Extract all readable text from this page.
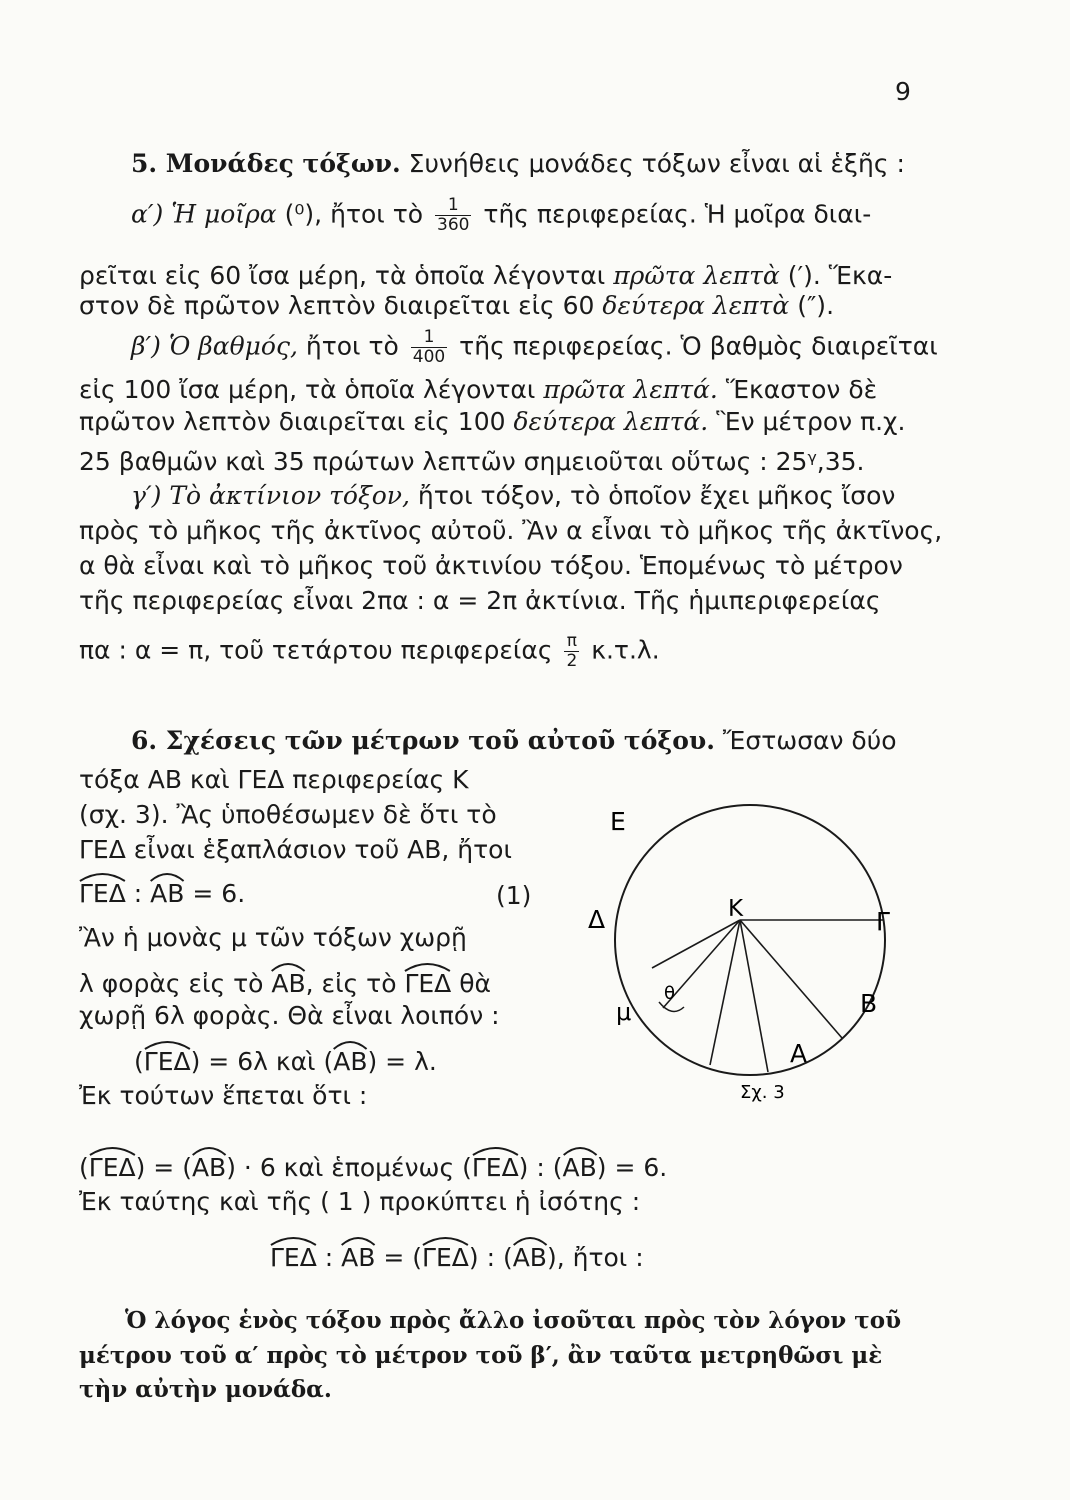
9
5. Μονάδες τόξων. Συνήθεις μονάδες τόξων εἶναι αἱ ἑξῆς :
α′) Ἡ μοῖρα (⁰), ἤτοι τὸ $\frac{1}{360}$ τῆς περιφερείας. Ἡ μοῖρα διαι-
ρεῖται εἰς 60 ἴσα μέρη, τὰ ὁποῖα λέγονται πρῶτα λεπτὰ (′). Ἕκα-
στον δὲ πρῶτον λεπτὸν διαιρεῖται εἰς 60 δεύτερα λεπτὰ (″).
β′) Ὁ βαθμός, ἤτοι τὸ $\frac{1}{400}$ τῆς περιφερείας. Ὁ βαθμὸς διαιρεῖται
εἰς 100 ἴσα μέρη, τὰ ὁποῖα λέγονται πρῶτα λεπτά. Ἕκαστον δὲ
πρῶτον λεπτὸν διαιρεῖται εἰς 100 δεύτερα λεπτά. Ἓν μέτρον π.χ.
25 βαθμῶν καὶ 35 πρώτων λεπτῶν σημειοῦται οὕτως : 25ᵞ,35.
γ′) Τὸ ἀκτίνιον τόξον, ἤτοι τόξον, τὸ ὁποῖον ἔχει μῆκος ἴσον
πρὸς τὸ μῆκος τῆς ἀκτῖνος αὐτοῦ. Ἂν α εἶναι τὸ μῆκος τῆς ἀκτῖνος,
α θὰ εἶναι καὶ τὸ μῆκος τοῦ ἀκτινίου τόξου. Ἑπομένως τὸ μέτρον
τῆς περιφερείας εἶναι 2πα : α = 2π ἀκτίνια. Τῆς ἡμιπεριφερείας
πα : α = π, τοῦ τετάρτου περιφερείας $\frac{\pi}{2} \kappa.\tau.\lambda$.
6. Σχέσεις τῶν μέτρων τοῦ αὐτοῦ τόξου. Ἔστωσαν δύο
τόξα ΑΒ καὶ ΓΕΔ περιφερείας Κ
(σχ. 3). Ἂς ὑποθέσωμεν δὲ ὅτι τὸ
ΓΕΔ εἶναι ἑξαπλάσιον τοῦ ΑΒ, ἤτοι
ΓΕΔ : ΑΒ = 6.	(1)
Ἂν ἡ μονὰς μ τῶν τόξων χωρῇ
λ φορὰς εἰς τὸ ΑΒ, εἰς τὸ ΓΕΔ θὰ
χωρῇ 6λ φορὰς. Θὰ εἶναι λοιπόν :
(
ΓΕΔ) = 6λ καὶ (
ΑΒ) = λ.
Ἐκ τούτων ἕπεται ὅτι :
(
ΓΕΔ) = (
ΑΒ) · 6 καὶ ἑπομένως (
ΓΕΔ) : (
ΑΒ) = 6.
Ἐκ ταύτης καὶ τῆς ( 1 ) προκύπτει ἡ ἰσότης :
ΓΕΔ : ΑΒ = (
ΓΕΔ) : (
ΑΒ), ἤτοι :
Ὁ λόγος ἑνὸς τόξου πρὸς ἄλλο ἰσοῦται πρὸς τὸν λόγον τοῦ
μέτρου τοῦ α′ πρὸς τὸ μέτρον τοῦ β′, ἂν ταῦτα μετρηθῶσι μὲ
τὴν αὐτὴν μονάδα.
Ε
Κ	Γ
Δ
Β
Α
μ
θ
Σχ. 3
